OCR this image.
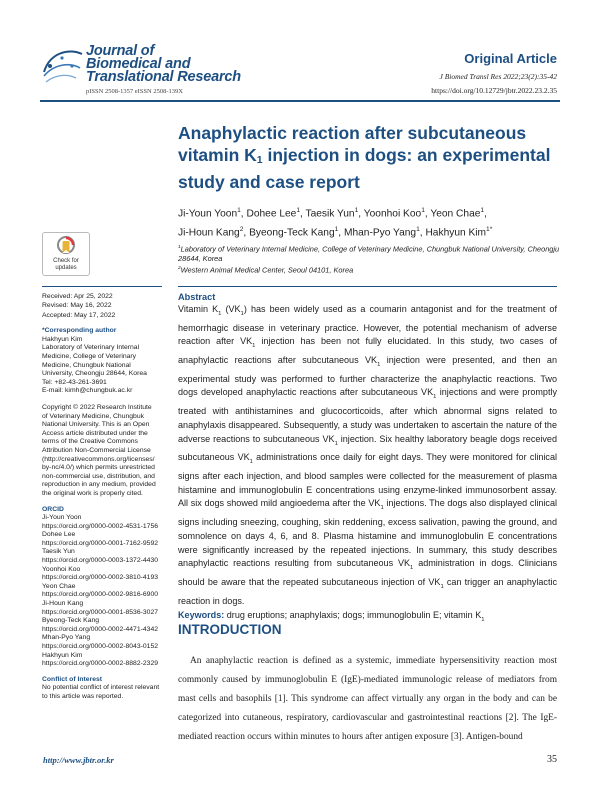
Journal of
Biomedical and
Translational Research
pISSN 2508-1357 eISSN 2508-139X
Original Article
J Biomed Transl Res 2022;23(2):35-42
https://doi.org/10.12729/jbtr.2022.23.2.35
Anaphylactic reaction after subcutaneous vitamin $K_1$ injection in dogs: an experimental study and case report
Ji-Youn Yoon$^1$, Dohee Lee$^1$, Taesik Yun$^1$, Yoonhoi Koo$^1$, Yeon Chae$^1$,
Ji-Houn Kang$^2$, Byeong-Teck Kang$^1$, Mhan-Pyo Yang$^1$, Hakhyun Kim$^{1*}$
$^1$Laboratory of Veterinary Internal Medicine, College of Veterinary Medicine, Chungbuk National University, Cheongju 28644, Korea
$^2$Western Animal Medical Center, Seoul 04101, Korea
Check for
updates
Received: Apr 25, 2022
Revised: May 16, 2022
Accepted: May 17, 2022
*Corresponding author
Hakhyun Kim
Laboratory of Veterinary Internal
Medicine, College of Veterinary
Medicine, Chungbuk National
University, Cheongju 28644, Korea
Tel: +82-43-261-3691
E-mail: kimh@chungbuk.ac.kr
Copyright © 2022 Research Institute
of Veterinary Medicine, Chungbuk
National University. This is an Open
Access article distributed under the
terms of the Creative Commons
Attribution Non-Commercial License
(http://creativecommons.org/licenses/
by-nc/4.0/) which permits unrestricted
non-commercial use, distribution, and
reproduction in any medium, provided
the original work is properly cited.
ORCID
Ji-Youn Yoon
https://orcid.org/0000-0002-4531-1756
Dohee Lee
https://orcid.org/0000-0001-7162-9592
Taesik Yun
https://orcid.org/0000-0003-1372-4430
Yoonhoi Koo
https://orcid.org/0000-0002-3810-4193
Yeon Chae
https://orcid.org/0000-0002-9816-6900
Ji-Houn Kang
https://orcid.org/0000-0001-8536-3027
Byeong-Teck Kang
https://orcid.org/0000-0002-4471-4342
Mhan-Pyo Yang
https://orcid.org/0000-0002-8043-0152
Hakhyun Kim
https://orcid.org/0000-0002-8882-2329
Conflict of Interest
No potential conflict of interest relevant
to this article was reported.
Abstract
Vitamin $K_1$ $(VK_1)$ has been widely used as a coumarin antagonist and for the treatment of hemorrhagic disease in veterinary practice. However, the potential mechanism of adverse reaction after $VK_1$ injection has been not fully elucidated. In this study, two cases of anaphylactic reactions after subcutaneous $VK_1$ injection were presented, and then an experimental study was performed to further characterize the anaphylactic reactions. Two dogs developed anaphylactic reactions after subcutaneous $VK_1$ injections and were promptly treated with antihistamines and glucocorticoids, after which abnormal signs related to anaphylaxis disappeared. Subsequently, a study was undertaken to ascertain the nature of the adverse reactions to subcutaneous $VK_1$ injection. Six healthy laboratory beagle dogs received subcutaneous $VK_1$ administrations once daily for eight days. They were monitored for clinical signs after each injection, and blood samples were collected for the measurement of plasma histamine and immunoglobulin E concentrations using enzyme-linked immunosorbent assay. All six dogs showed mild angioedema after the $VK_1$ injections. The dogs also displayed clinical signs including sneezing, coughing, skin reddening, excess salivation, pawing the ground, and somnolence on days 4, 6, and 8. Plasma histamine and immunoglobulin E concentrations were significantly increased by the repeated injections. In summary, this study describes anaphylactic reactions resulting from subcutaneous $VK_1$ administration in dogs. Clinicians should be aware that the repeated subcutaneous injection of $VK_1$ can trigger an anaphylactic reaction in dogs.
Keywords: drug eruptions; anaphylaxis; dogs; immunoglobulin E; vitamin $K_1$
INTRODUCTION

An anaphylactic reaction is defined as a systemic, immediate hypersensitivity reaction most commonly caused by immunoglobulin E (IgE)-mediated immunologic release of mediators from mast cells and basophils [1]. This syndrome can affect virtually any organ in the body and can be categorized into cutaneous, respiratory, cardiovascular and gastrointestinal reactions [2]. The IgE-mediated reaction occurs within minutes to hours after antigen exposure [3]. Antigen-bound

http://www.jbtr.or.kr	35
